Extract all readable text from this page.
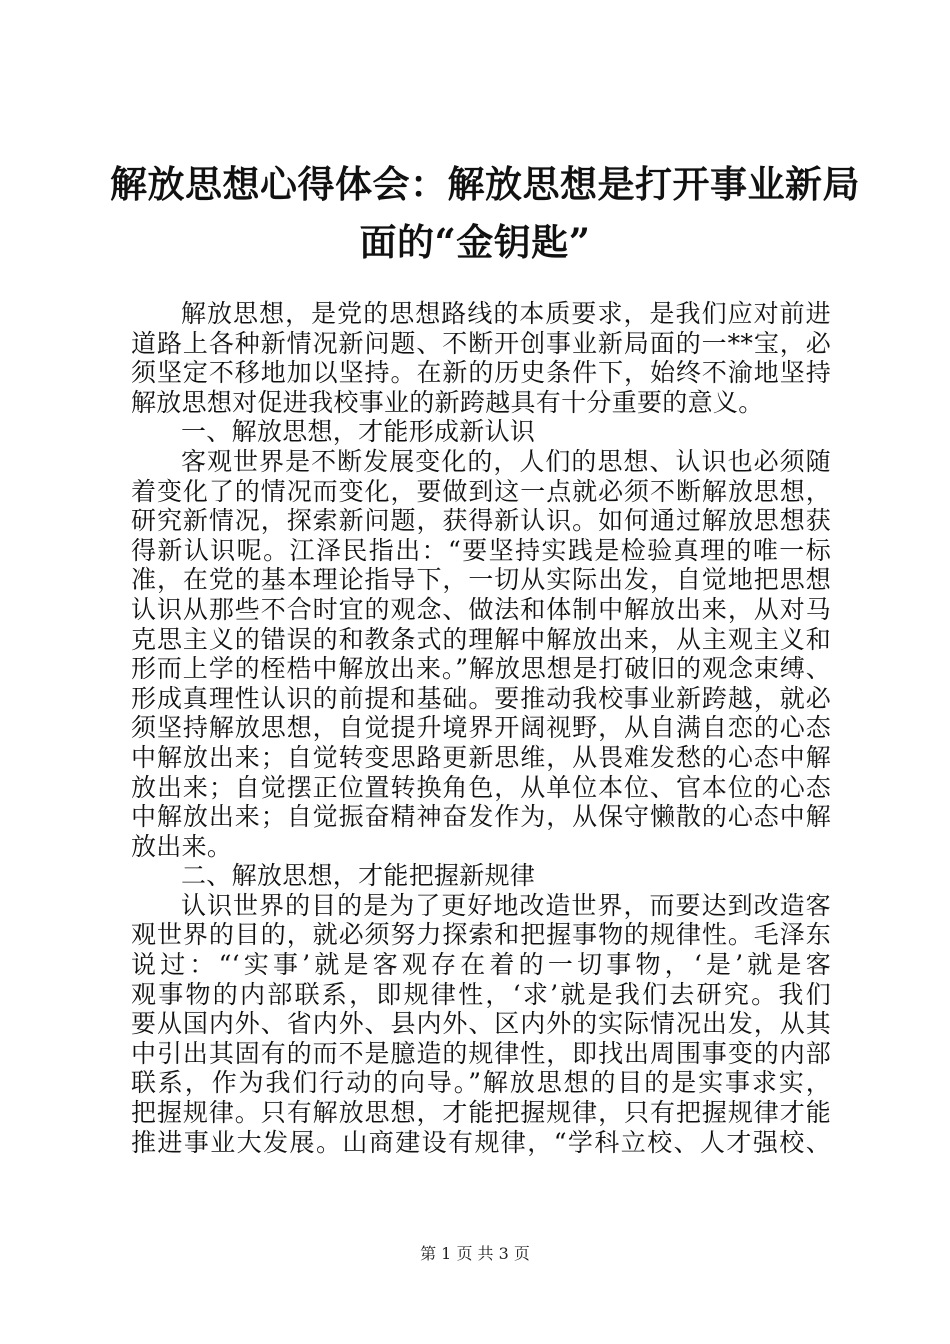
解放思想心得体会：解放思想是打开事业新局
面的“金钥匙”
解放思想，是党的思想路线的本质要求，是我们应对前进
道路上各种新情况新问题、不断开创事业新局面的一**宝，必
须坚定不移地加以坚持。在新的历史条件下，始终不渝地坚持
解放思想对促进我校事业的新跨越具有十分重要的意义。
一、解放思想，才能形成新认识
客观世界是不断发展变化的，人们的思想、认识也必须随
着变化了的情况而变化，要做到这一点就必须不断解放思想，
研究新情况，探索新问题，获得新认识。如何通过解放思想获
得新认识呢。江泽民指出：“要坚持实践是检验真理的唯一标
准，在党的基本理论指导下，一切从实际出发，自觉地把思想
认识从那些不合时宜的观念、做法和体制中解放出来，从对马
克思主义的错误的和教条式的理解中解放出来，从主观主义和
形而上学的桎梏中解放出来。”解放思想是打破旧的观念束缚、
形成真理性认识的前提和基础。要推动我校事业新跨越，就必
须坚持解放思想，自觉提升境界开阔视野，从自满自恋的心态
中解放出来；自觉转变思路更新思维，从畏难发愁的心态中解
放出来；自觉摆正位置转换角色，从单位本位、官本位的心态
中解放出来；自觉振奋精神奋发作为，从保守懒散的心态中解
放出来。
二、解放思想，才能把握新规律
认识世界的目的是为了更好地改造世界，而要达到改造客
观世界的目的，就必须努力探索和把握事物的规律性。毛泽东
说过：“‘实事’就是客观存在着的一切事物，‘是’就是客
观事物的内部联系，即规律性，‘求’就是我们去研究。我们
要从国内外、省内外、县内外、区内外的实际情况出发，从其
中引出其固有的而不是臆造的规律性，即找出周围事变的内部
联系，作为我们行动的向导。”解放思想的目的是实事求实，
把握规律。只有解放思想，才能把握规律，只有把握规律才能
推进事业大发展。山商建设有规律，“学科立校、人才强校、
第 1 页 共 3 页
